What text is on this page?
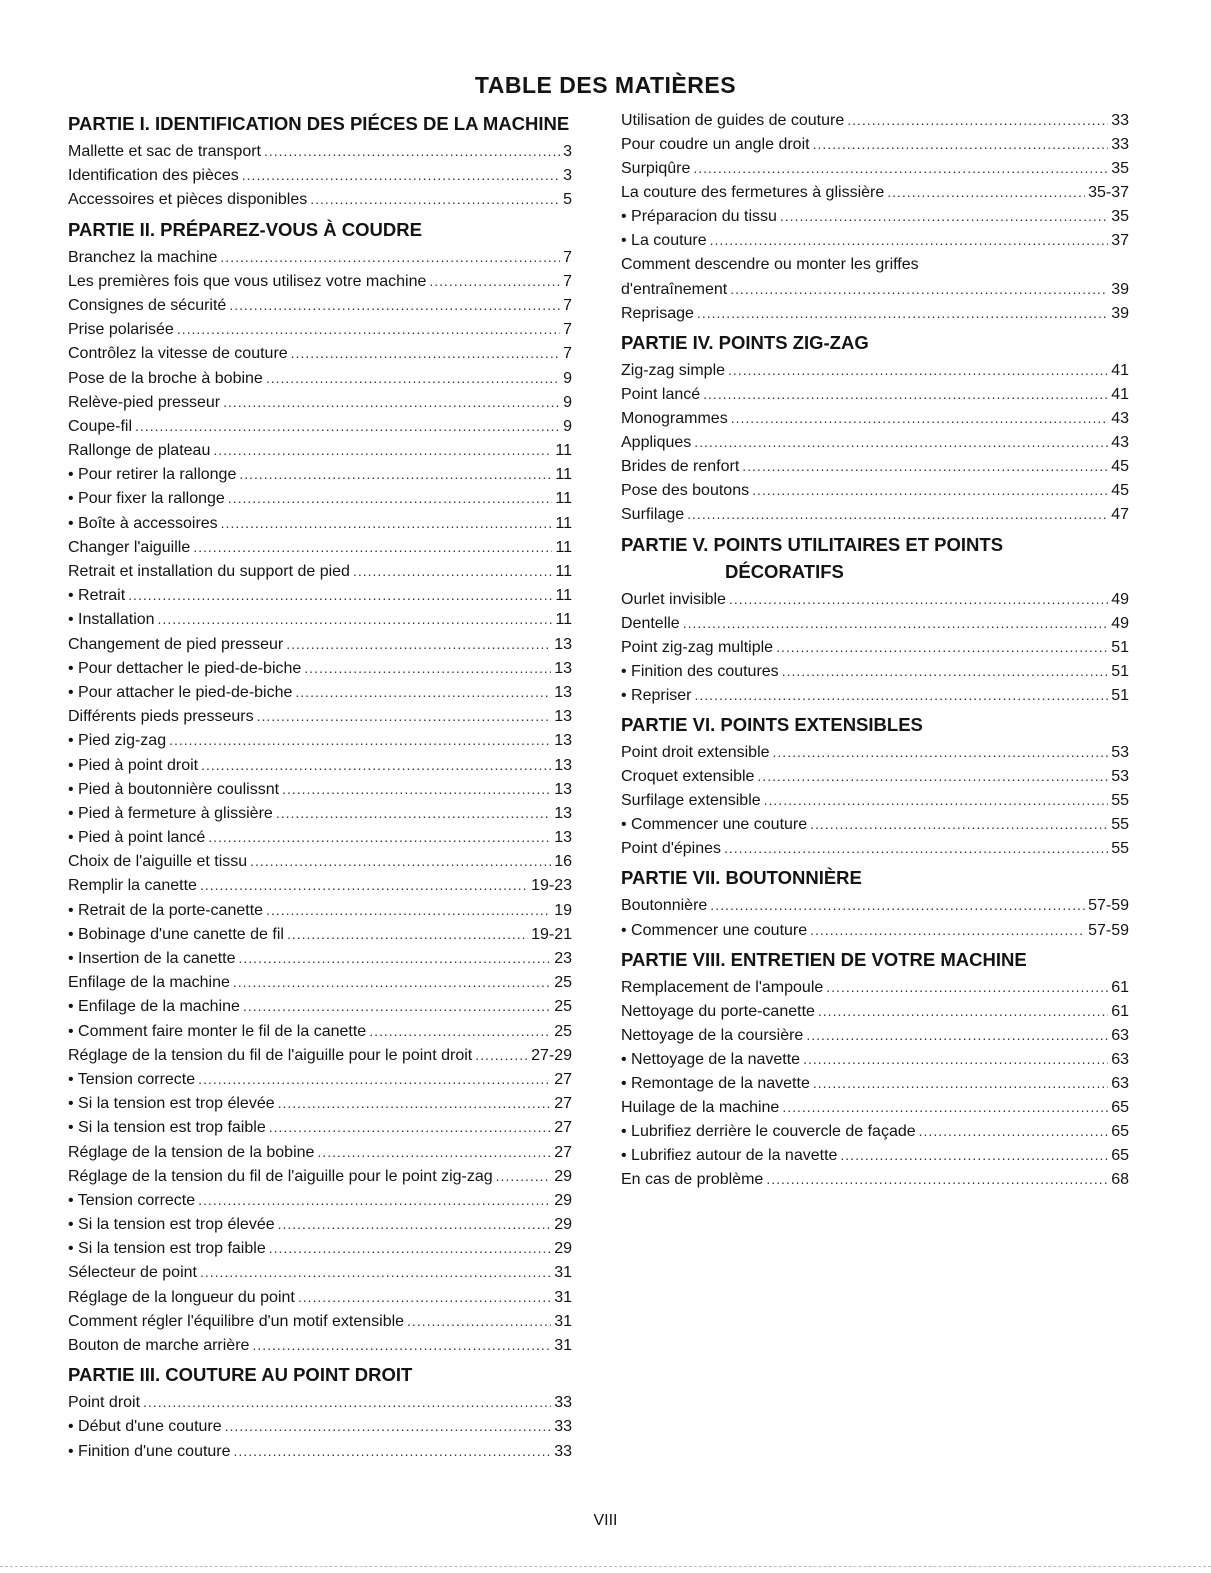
TABLE DES MATIÈRES
PARTIE I. IDENTIFICATION DES PIÉCES DE LA MACHINE
Mallette et sac de transport .....	3
Identification des pièces .....	3
Accessoires et pièces disponibles .....	5
PARTIE II. PRÉPAREZ-VOUS À COUDRE
Branchez la machine .....	7
Les premières fois que vous utilisez votre machine .....	7
Consignes de sécurité .....	7
Prise polarisée .....	7
Contrôlez la vitesse de couture .....	7
Pose de la broche à bobine .....	9
Relève-pied presseur .....	9
Coupe-fil .....	9
Rallonge de plateau .....	11
• Pour retirer la rallonge .....	11
• Pour fixer la rallonge .....	11
• Boîte à accessoires .....	11
Changer l'aiguille .....	11
Retrait et installation du support de pied .....	11
• Retrait .....	11
• Installation .....	11
Changement de pied presseur .....	13
• Pour dettacher le pied-de-biche .....	13
• Pour attacher le pied-de-biche .....	13
Différents pieds presseurs .....	13
• Pied zig-zag .....	13
• Pied à point droit .....	13
• Pied à boutonnière coulissnt .....	13
• Pied à fermeture à glissière .....	13
• Pied à point lancé .....	13
Choix de l'aiguille et tissu .....	16
Remplir la canette .....	19-23
• Retrait de la porte-canette .....	19
• Bobinage d'une canette de fil .....	19-21
• Insertion de la canette .....	23
Enfilage de la machine .....	25
• Enfilage de la machine .....	25
• Comment faire monter le fil de la canette .....	25
Réglage de la tension du fil de l'aiguille pour le point droit .....	27-29
• Tension correcte .....	27
• Si la tension est trop élevée .....	27
• Si la tension est trop faible .....	27
Réglage de la tension de la bobine .....	27
Réglage de la tension du fil de l'aiguille pour le point zig-zag .....	29
• Tension correcte .....	29
• Si la tension est trop élevée .....	29
• Si la tension est trop faible .....	29
Sélecteur de point .....	31
Réglage de la longueur du point .....	31
Comment régler l'équilibre d'un motif extensible .....	31
Bouton de marche arrière .....	31
PARTIE III. COUTURE AU POINT DROIT
Point droit .....	33
• Début d'une couture .....	33
• Finition d'une couture .....	33
Utilisation de guides de couture .....	33
Pour coudre un angle droit .....	33
Surpiqûre .....	35
La couture des fermetures à glissière .....	35-37
• Préparacion du tissu .....	35
• La couture .....	37
Comment descendre ou monter les griffes
d'entraînement .....	39
Reprisage .....	39
PARTIE IV. POINTS ZIG-ZAG
Zig-zag simple .....	41
Point lancé .....	41
Monogrammes .....	43
Appliques .....	43
Brides de renfort .....	45
Pose des boutons .....	45
Surfilage .....	47
PARTIE V. POINTS UTILITAIRES ET POINTS
DÉCORATIFS
Ourlet invisible .....	49
Dentelle .....	49
Point zig-zag multiple .....	51
• Finition des coutures .....	51
• Repriser .....	51
PARTIE VI. POINTS EXTENSIBLES
Point droit extensible .....	53
Croquet extensible .....	53
Surfilage extensible .....	55
• Commencer une couture .....	55
Point d'épines .....	55
PARTIE VII. BOUTONNIÈRE
Boutonnière .....	57-59
• Commencer une couture .....	57-59
PARTIE VIII. ENTRETIEN DE VOTRE MACHINE
Remplacement de l'ampoule .....	61
Nettoyage du porte-canette .....	61
Nettoyage de la coursière .....	63
• Nettoyage de la navette .....	63
• Remontage de la navette .....	63
Huilage de la machine .....	65
• Lubrifiez derrière le couvercle de façade .....	65
• Lubrifiez autour de la navette .....	65
En cas de problème .....	68
VIII
